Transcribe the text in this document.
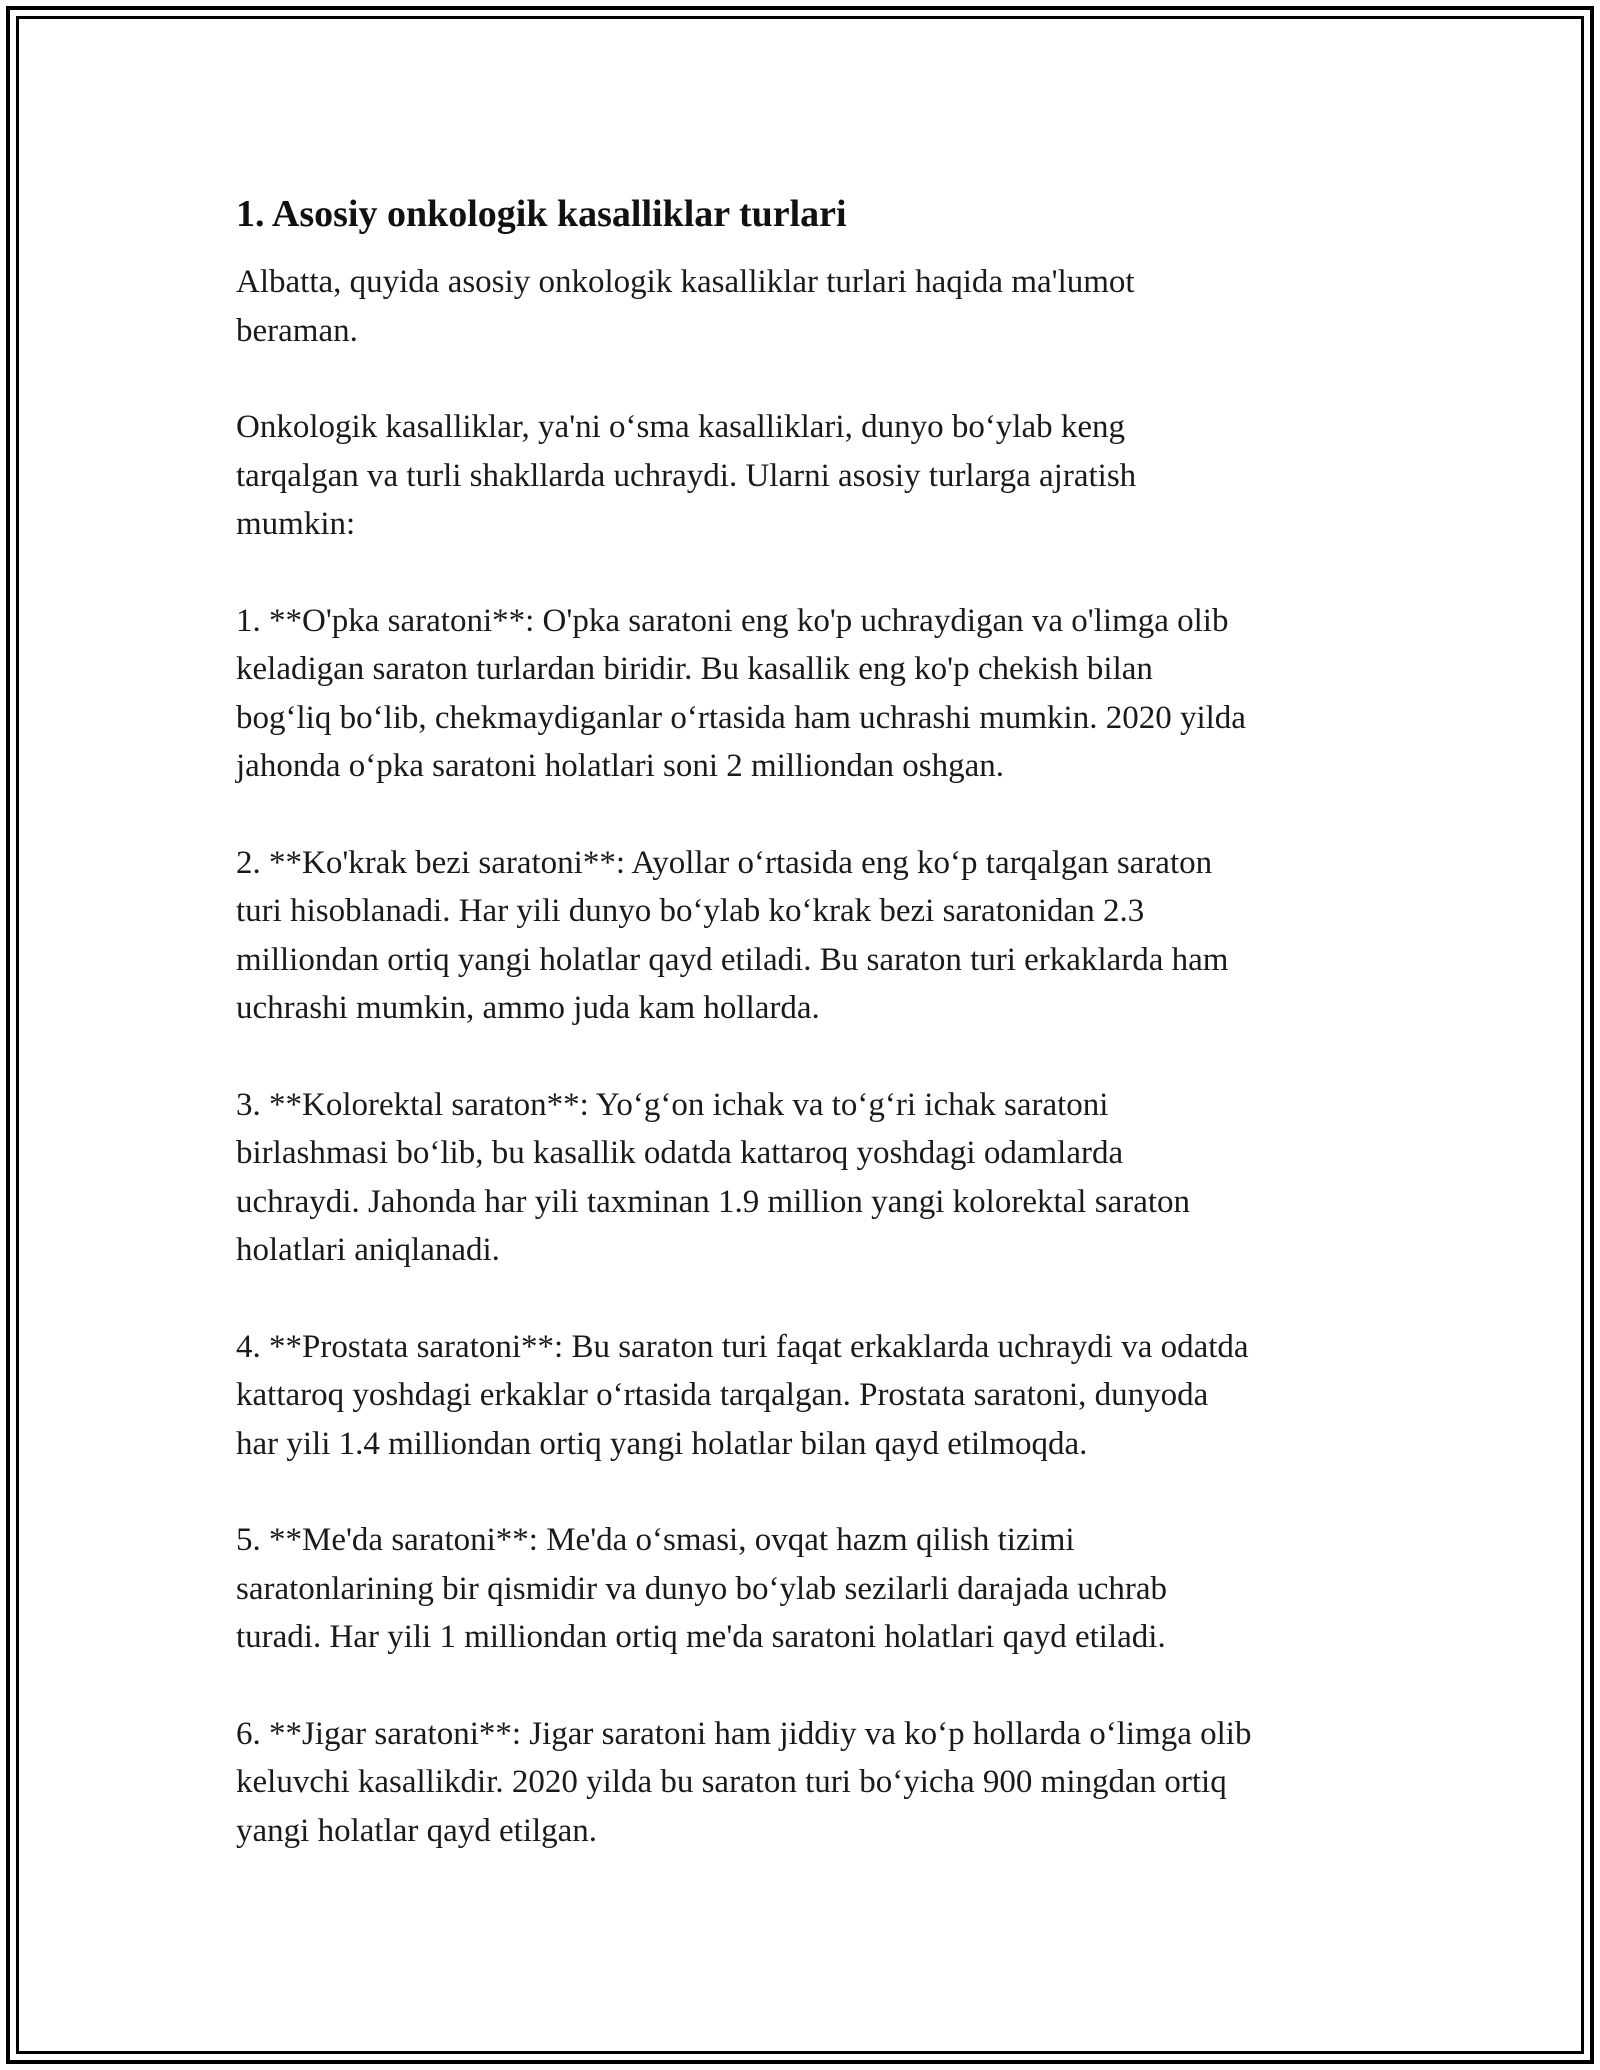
1. Asosiy onkologik kasalliklar turlari

Albatta, quyida asosiy onkologik kasalliklar turlari haqida ma'lumot
beraman.

Onkologik kasalliklar, ya'ni o‘sma kasalliklari, dunyo bo‘ylab keng
tarqalgan va turli shakllarda uchraydi. Ularni asosiy turlarga ajratish
mumkin:

1. **O'pka saratoni**: O'pka saratoni eng ko'p uchraydigan va o'limga olib
keladigan saraton turlardan biridir. Bu kasallik eng ko'p chekish bilan
bog‘liq bo‘lib, chekmaydiganlar o‘rtasida ham uchrashi mumkin. 2020 yilda
jahonda o‘pka saratoni holatlari soni 2 milliondan oshgan.

2. **Ko'krak bezi saratoni**: Ayollar o‘rtasida eng ko‘p tarqalgan saraton
turi hisoblanadi. Har yili dunyo bo‘ylab ko‘krak bezi saratonidan 2.3
milliondan ortiq yangi holatlar qayd etiladi. Bu saraton turi erkaklarda ham
uchrashi mumkin, ammo juda kam hollarda.

3. **Kolorektal saraton**: Yo‘g‘on ichak va to‘g‘ri ichak saratoni
birlashmasi bo‘lib, bu kasallik odatda kattaroq yoshdagi odamlarda
uchraydi. Jahonda har yili taxminan 1.9 million yangi kolorektal saraton
holatlari aniqlanadi.

4. **Prostata saratoni**: Bu saraton turi faqat erkaklarda uchraydi va odatda
kattaroq yoshdagi erkaklar o‘rtasida tarqalgan. Prostata saratoni, dunyoda
har yili 1.4 milliondan ortiq yangi holatlar bilan qayd etilmoqda.

5. **Me'da saratoni**: Me'da o‘smasi, ovqat hazm qilish tizimi
saratonlarining bir qismidir va dunyo bo‘ylab sezilarli darajada uchrab
turadi. Har yili 1 milliondan ortiq me'da saratoni holatlari qayd etiladi.

6. **Jigar saratoni**: Jigar saratoni ham jiddiy va ko‘p hollarda o‘limga olib
keluvchi kasallikdir. 2020 yilda bu saraton turi bo‘yicha 900 mingdan ortiq
yangi holatlar qayd etilgan.
